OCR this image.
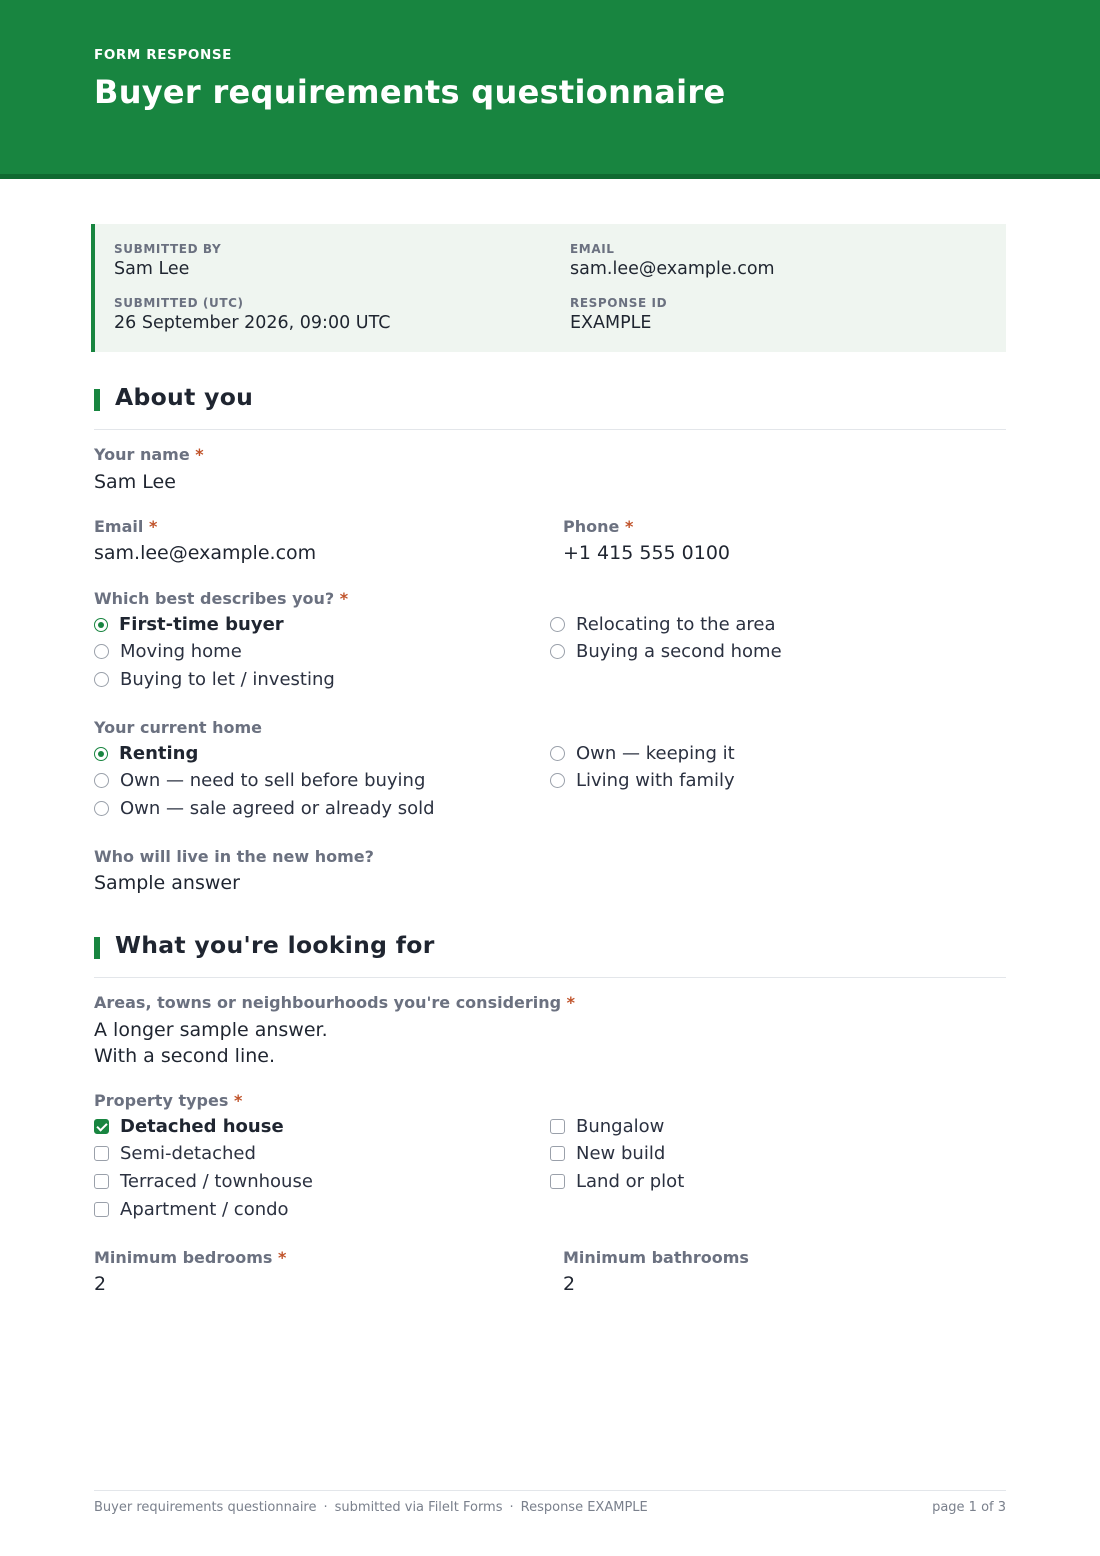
FORM RESPONSE
Buyer requirements questionnaire
SUBMITTED BY
Sam Lee
EMAIL
sam.lee@example.com
SUBMITTED (UTC)
26 September 2026, 09:00 UTC
RESPONSE ID
EXAMPLE
About you
Your name *
Sam Lee
Email *
sam.lee@example.com
Phone *
+1 415 555 0100
Which best describes you? *
First-time buyer
Moving home
Buying to let / investing
Relocating to the area
Buying a second home
Your current home
Renting
Own — need to sell before buying
Own — sale agreed or already sold
Own — keeping it
Living with family
Who will live in the new home?
Sample answer
What you're looking for
Areas, towns or neighbourhoods you're considering *
A longer sample answer.
With a second line.
Property types *
Detached house
Semi-detached
Terraced / townhouse
Apartment / condo
Bungalow
New build
Land or plot
Minimum bedrooms *
2
Minimum bathrooms
2
Buyer requirements questionnaire · submitted via FileIt Forms · Response EXAMPLE	page 1 of 3
